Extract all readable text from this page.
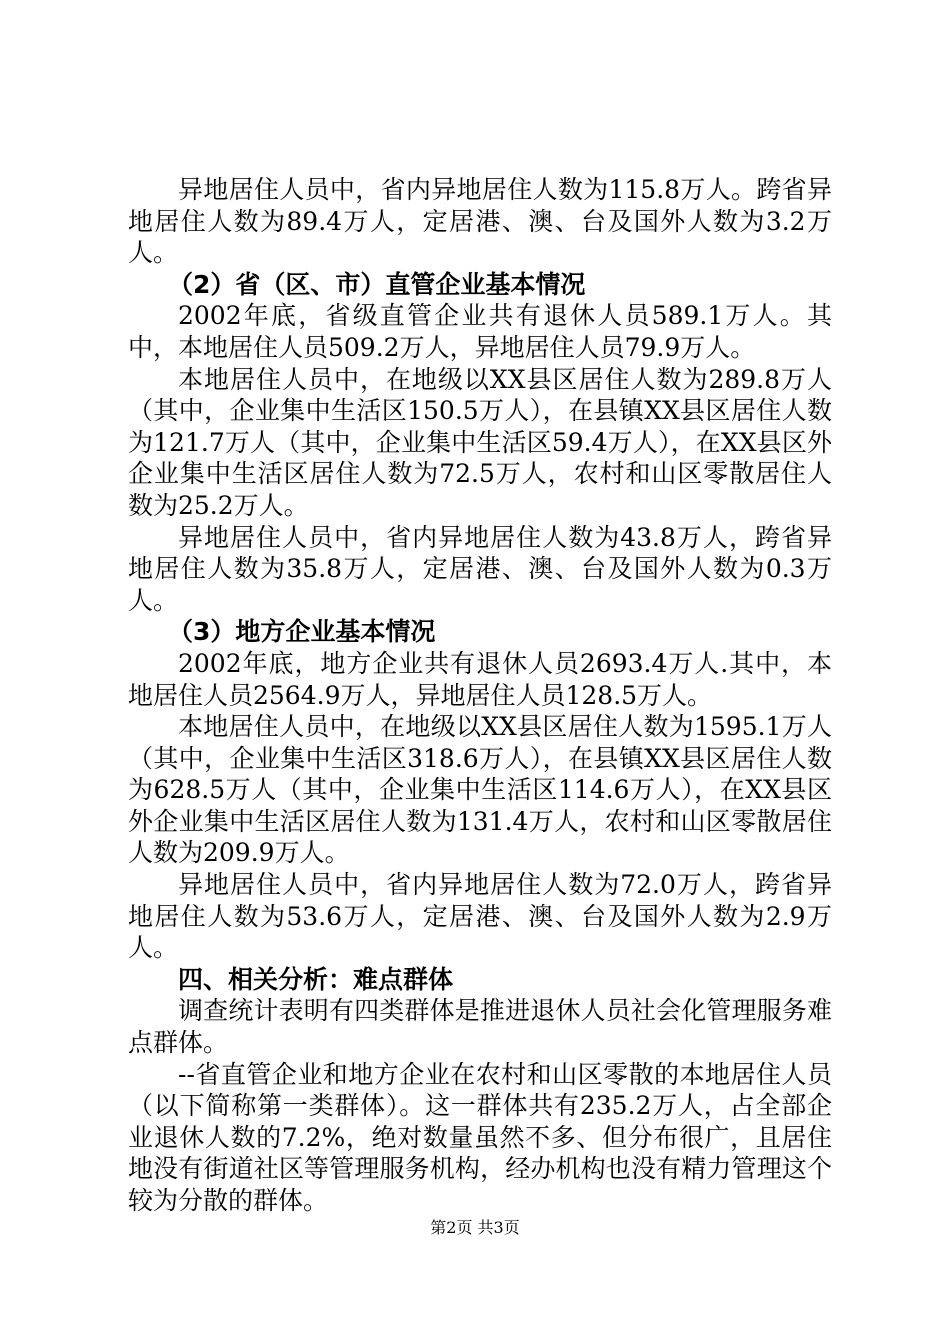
异地居住人员中，省内异地居住人数为115.8万人。跨省异地居住人数为89.4万人，定居港、澳、台及国外人数为3.2万人。

（2）省（区、市）直管企业基本情况

2002年底，省级直管企业共有退休人员589.1万人。其中，本地居住人员509.2万人，异地居住人员79.9万人。

本地居住人员中，在地级以XX县区居住人数为289.8万人（其中，企业集中生活区150.5万人），在县镇XX县区居住人数为121.7万人（其中，企业集中生活区59.4万人），在XX县区外企业集中生活区居住人数为72.5万人，农村和山区零散居住人数为25.2万人。

异地居住人员中，省内异地居住人数为43.8万人，跨省异地居住人数为35.8万人，定居港、澳、台及国外人数为0.3万人。

（3）地方企业基本情况

2002年底，地方企业共有退休人员2693.4万人.其中，本地居住人员2564.9万人，异地居住人员128.5万人。

本地居住人员中，在地级以XX县区居住人数为1595.1万人（其中，企业集中生活区318.6万人），在县镇XX县区居住人数为628.5万人（其中，企业集中生活区114.6万人），在XX县区外企业集中生活区居住人数为131.4万人，农村和山区零散居住人数为209.9万人。

异地居住人员中，省内异地居住人数为72.0万人，跨省异地居住人数为53.6万人，定居港、澳、台及国外人数为2.9万人。

四、相关分析：难点群体

调查统计表明有四类群体是推进退休人员社会化管理服务难点群体。

--省直管企业和地方企业在农村和山区零散的本地居住人员（以下简称第一类群体）。这一群体共有235.2万人，占全部企业退休人数的7.2%，绝对数量虽然不多、但分布很广，且居住地没有街道社区等管理服务机构，经办机构也没有精力管理这个较为分散的群体。

第2页 共3页
